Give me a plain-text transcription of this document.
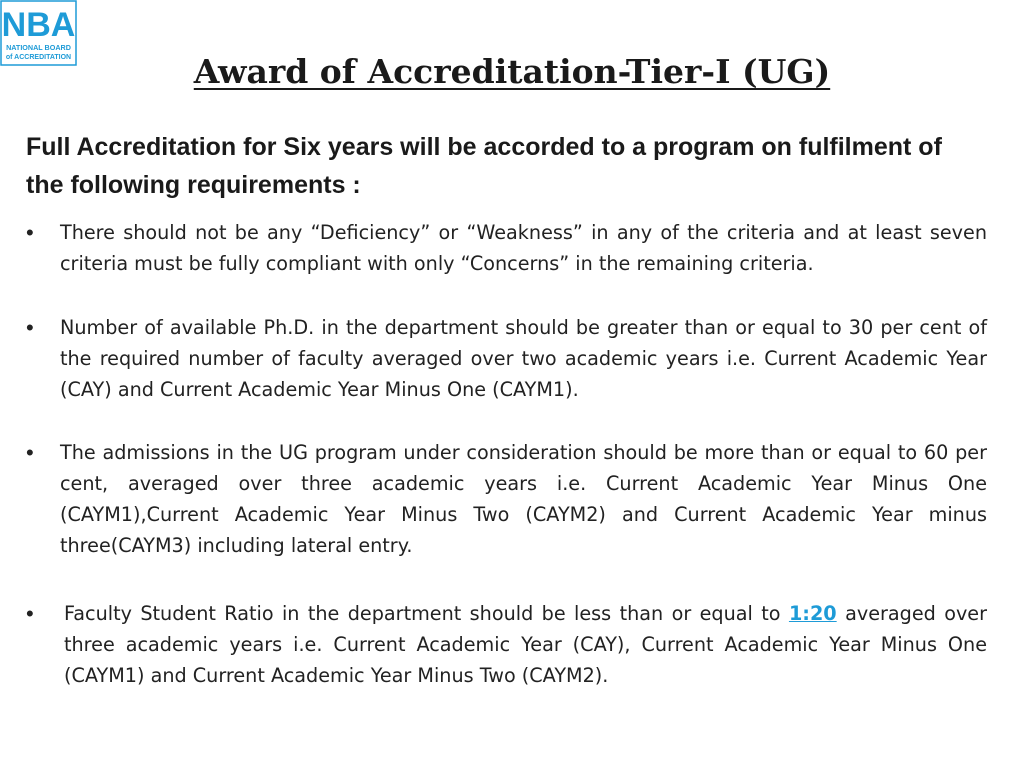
NBA
NATIONAL BOARD
of ACCREDITATION	Award of Accreditation-Tier-I (UG)

Full Accreditation for Six years will be accorded to a program on fulfilment of the following requirements :

• There should not be any “Deficiency” or “Weakness” in any of the criteria and at least seven criteria must be fully compliant with only “Concerns” in the remaining criteria.
• Number of available Ph.D. in the department should be greater than or equal to 30 per cent of the required number of faculty averaged over two academic years i.e. Current Academic Year (CAY) and Current Academic Year Minus One (CAYM1).
• The admissions in the UG program under consideration should be more than or equal to 60 per cent, averaged over three academic years i.e. Current Academic Year Minus One (CAYM1),Current Academic Year Minus Two (CAYM2) and Current Academic Year minus three(CAYM3) including lateral entry.
• Faculty Student Ratio in the department should be less than or equal to 1:20 averaged over three academic years i.e. Current Academic Year (CAY), Current Academic Year Minus One (CAYM1) and Current Academic Year Minus Two (CAYM2).
